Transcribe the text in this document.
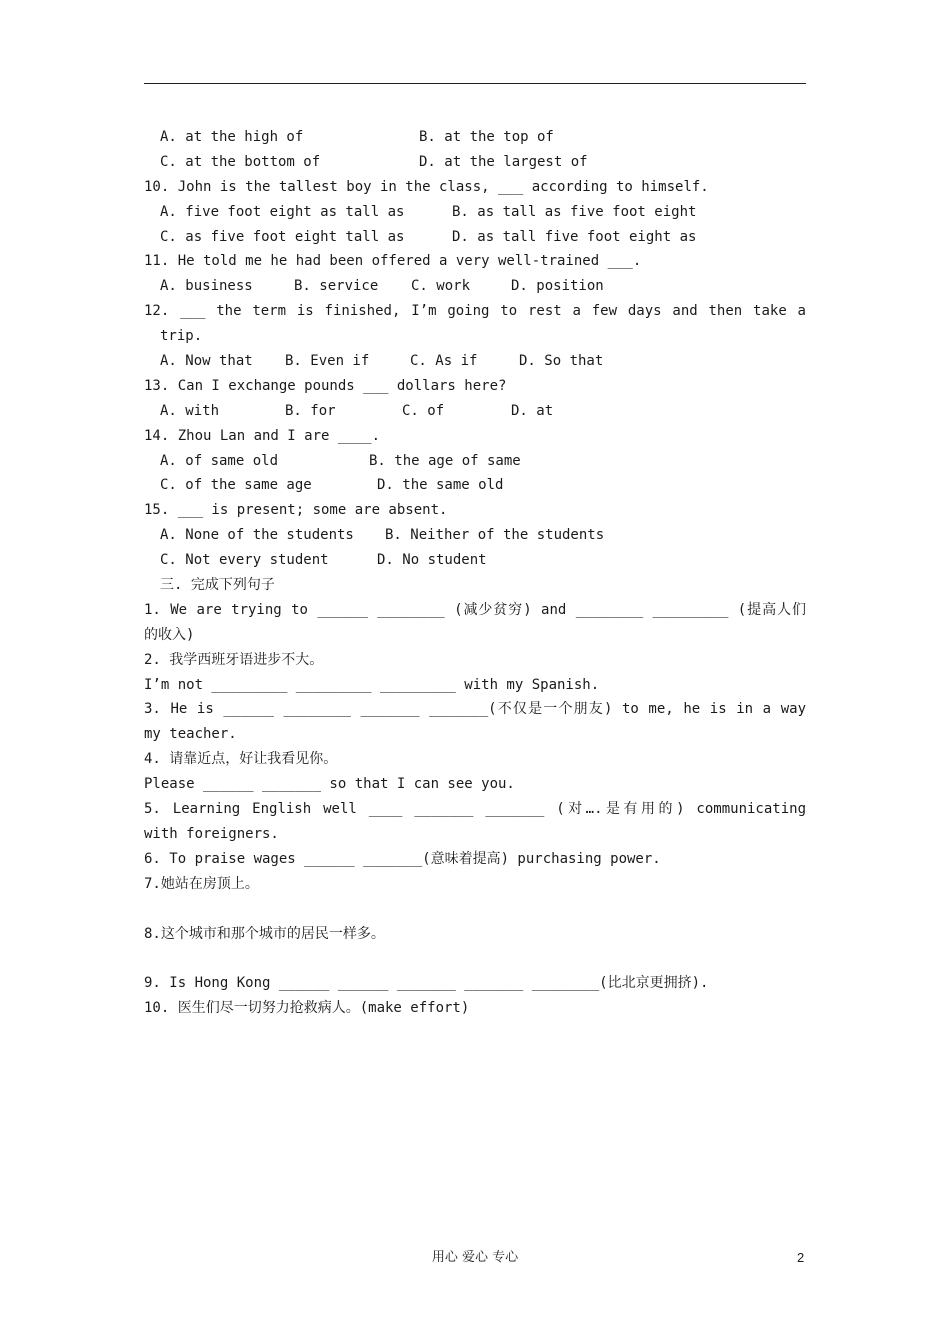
A. at the high of	B. at the top of
C. at the bottom of	D. at the largest of
10. John is the tallest boy in the class, ___ according to himself.
A. five foot eight as tall as	B. as tall as five foot eight
C. as five foot eight tall as	D. as tall five foot eight as
11. He told me he had been offered a very well-trained ___.
A. business	B. service C. work	D. position
12. ___ the term is finished, I’m going to rest a few days and then take a
trip.
A. Now that B. Even if	C. As if	D. So that
13. Can I exchange pounds ___ dollars here?
A. with	B. for	C. of	D. at
14. Zhou Lan and I are ____.
A. of same old	B. the age of same
C. of the same age	D. the same old
15. ___ is present; some are absent.
A. None of the students B. Neither of the students
C. Not every student	D. No student
三. 完成下列句子
1. We are trying to ______ ________ (减少贫穷) and ________ _________ (提高人们
的收入)
2. 我学西班牙语进步不大。
I’m not _________ _________ _________ with my Spanish.
3. He is ______ ________ _______ _______(不仅是一个朋友) to me, he is in a way
my teacher.
4. 请靠近点，好让我看见你。
Please ______ _______ so that I can see you.
5. Learning English well ____ _______ _______ (对….是有用的) communicating
with foreigners.
6. To praise wages ______ _______(意味着提高) purchasing power.
7.她站在房顶上。
8.这个城市和那个城市的居民一样多。
9. Is Hong Kong ______ ______ _______ _______ ________(比北京更拥挤).
10. 医生们尽一切努力抢救病人。(make effort)
用心 爱心 专心	2
